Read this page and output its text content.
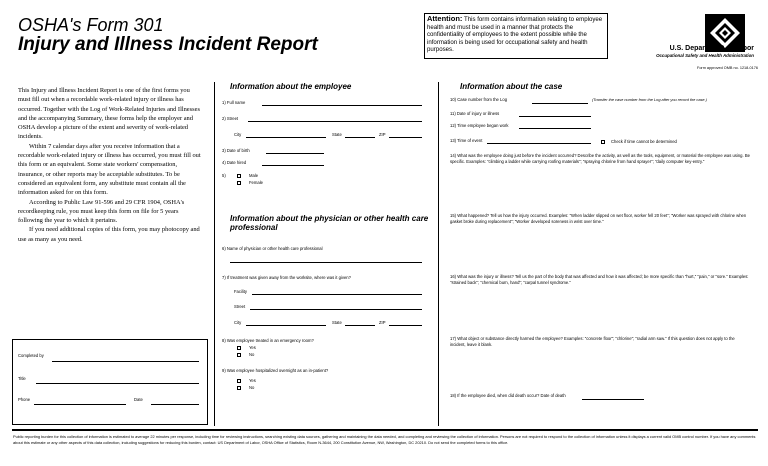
OSHA's Form 301
Injury and Illness Incident Report
Attention: This form contains information relating to employee health and must be used in a manner that protects the confidentiality of employees to the extent possible while the information is being used for occupational safety and health purposes.	U.S. Department of Labor
Occupational Safety and Health Administration
Form approved OMB no. 1218-0176

This Injury and Illness Incident Report is one of the first forms you must fill out when a recordable work-related injury or illness has occurred. Together with the Log of Work-Related Injuries and Illnesses and the accompanying Summary, these forms help the employer and OSHA develop a picture of the extent and severity of work-related incidents.

Within 7 calendar days after you receive information that a recordable work-related injury or illness has occurred, you must fill out this form or an equivalent. Some state workers' compensation, insurance, or other reports may be acceptable substitutes. To be considered an equivalent form, any substitute must contain all the information asked for on this form.

According to Public Law 91-596 and 29 CFR 1904, OSHA's recordkeeping rule, you must keep this form on file for 5 years following the year to which it pertains.

If you need additional copies of this form, you may photocopy and use as many as you need.

Completed by
Title
Phone	Date
Information about the employee
1) Full name
2) Street
City	State	ZIP
3) Date of birth
4) Date hired
5)	Male
Female
Information about the physician or other health care professional
6) Name of physician or other health care professional
7) If treatment was given away from the worksite, where was it given?
Facility
Street
City	State	ZIP
8) Was employee treated in an emergency room?
Yes
No
9) Was employee hospitalized overnight as an in-patient?
Yes
No
Information about the case
10) Case number from the Log	(Transfer the case number from the Log after you record the case.)
11) Date of injury or illness
12) Time employee began work
13) Time of event	Check if time cannot be determined
14) What was the employee doing just before the incident occurred? Describe the activity, as well as the tools, equipment, or material the employee was using. Be specific. Examples: "climbing a ladder while carrying roofing materials"; "spraying chlorine from hand sprayer"; "daily computer key-entry."
15) What happened? Tell us how the injury occurred. Examples: "When ladder slipped on wet floor, worker fell 20 feet"; "Worker was sprayed with chlorine when gasket broke during replacement"; "Worker developed soreness in wrist over time."
16) What was the injury or illness? Tell us the part of the body that was affected and how it was affected; be more specific than "hurt," "pain," or "sore." Examples: "strained back"; "chemical burn, hand"; "carpal tunnel syndrome."
17) What object or substance directly harmed the employee? Examples: "concrete floor"; "chlorine"; "radial arm saw." If this question does not apply to the incident, leave it blank.
18) If the employee died, when did death occur? Date of death
Public reporting burden for this collection of information is estimated to average 22 minutes per response, including time for reviewing instructions, searching existing data sources, gathering and maintaining the data needed, and completing and reviewing the collection of information. Persons are not required to respond to the collection of information unless it displays a current valid OMB control number. If you have any comments about this estimate or any other aspects of this data collection, including suggestions for reducing this burden, contact: US Department of Labor, OSHA Office of Statistics, Room N-3644, 200 Constitution Avenue, NW, Washington, DC 20210. Do not send the completed forms to this office.
